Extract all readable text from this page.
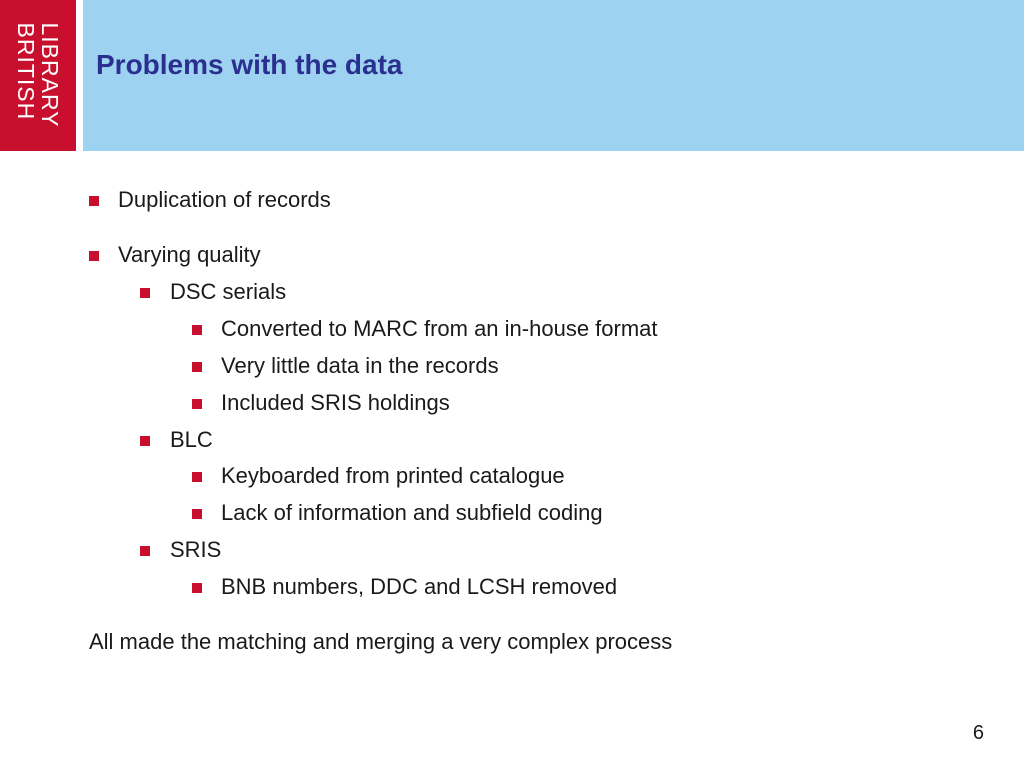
LIBRARY
BRITISH Problems with the data
Duplication of records
Varying quality
DSC serials
Converted to MARC from an in-house format
Very little data in the records
Included SRIS holdings
BLC
Keyboarded from printed catalogue
Lack of information and subfield coding
SRIS
BNB numbers, DDC and LCSH removed
All made the matching and merging a very complex process
6
